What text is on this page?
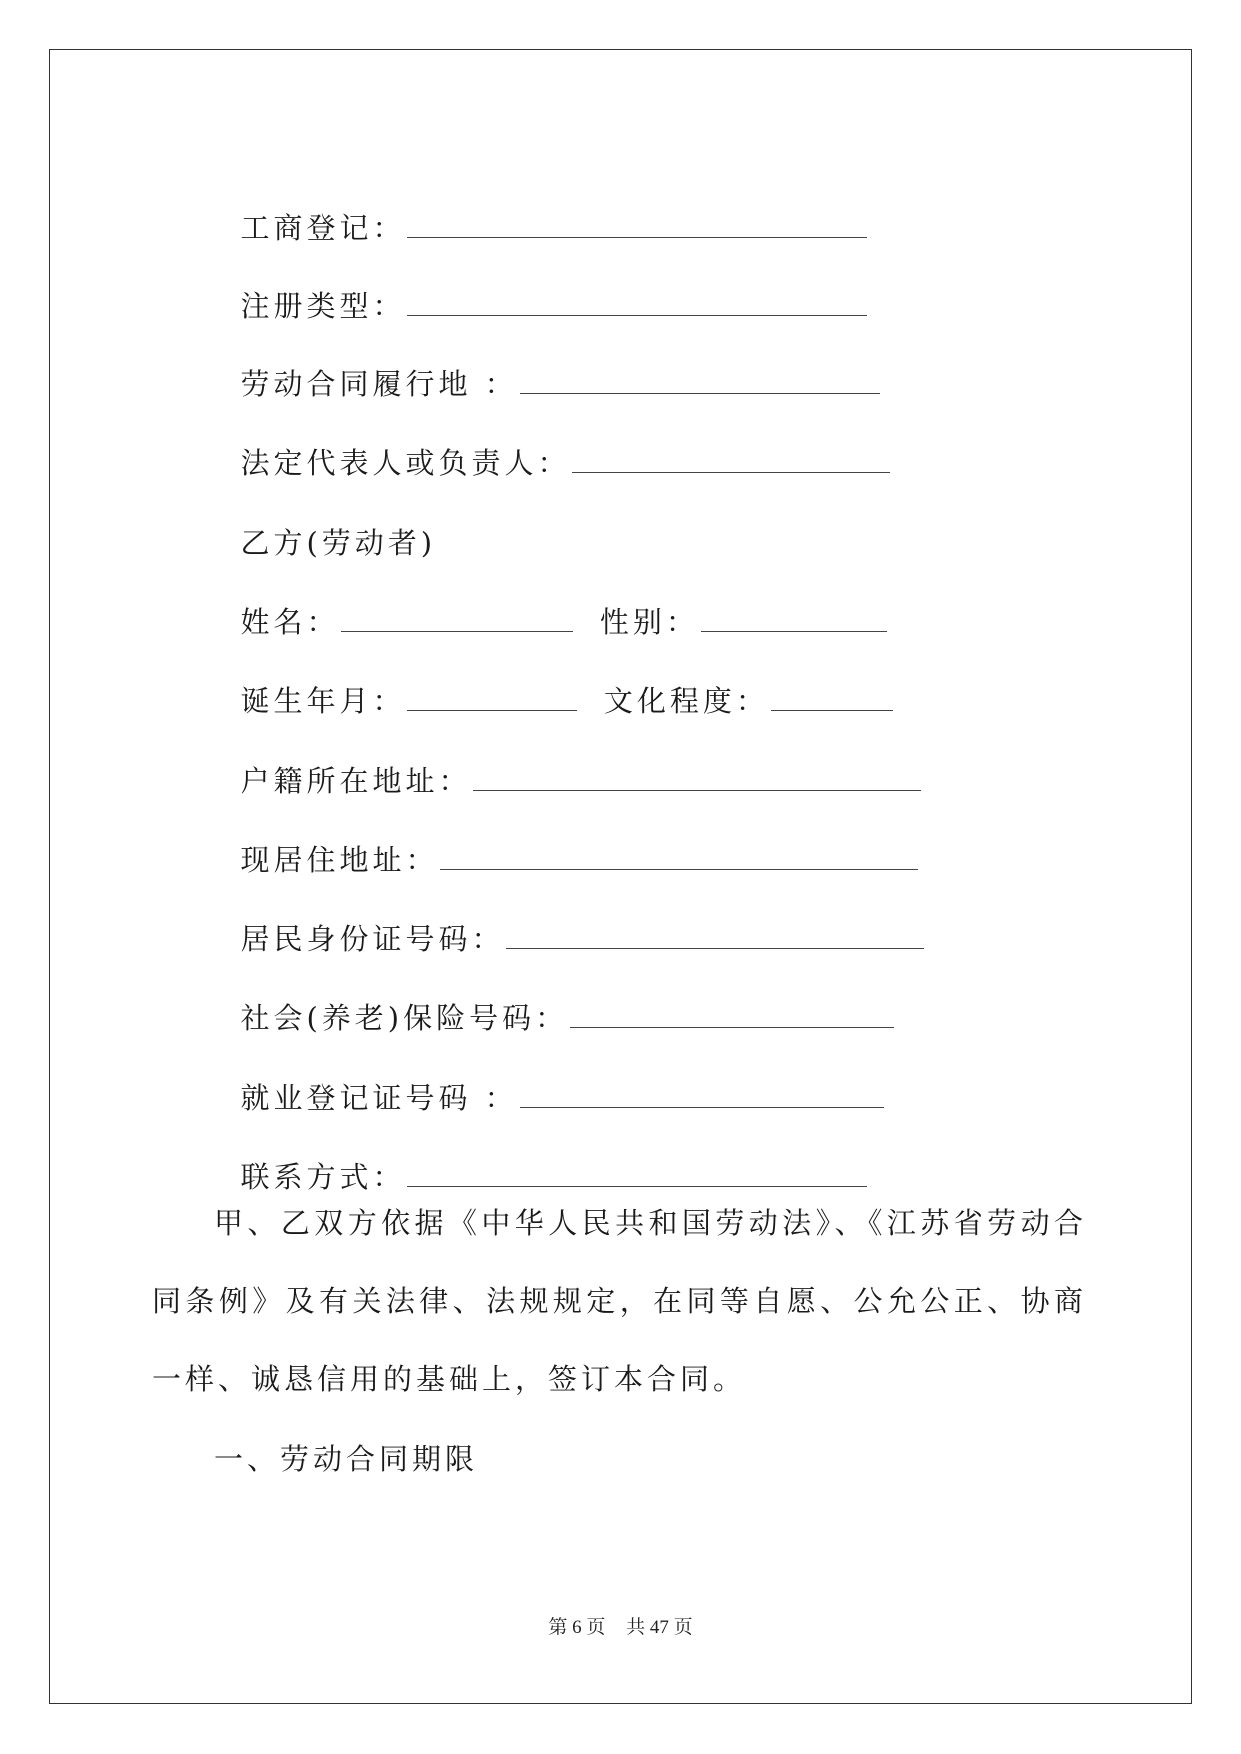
工商登记：

注册类型：

劳动合同履行地 ：

法定代表人或负责人：

乙方(劳动者)

姓名：	性别：

诞生年月：	文化程度：

户籍所在地址：

现居住地址：

居民身份证号码：

社会(养老)保险号码：

就业登记证号码 ：

联系方式：

甲、乙双方依据《中华人民共和国劳动法》、《江苏省劳动合同条例》及有关法律、法规规定，在同等自愿、公允公正、协商一样、诚恳信用的基础上，签订本合同。
一、劳动合同期限
第 6 页 共 47 页
